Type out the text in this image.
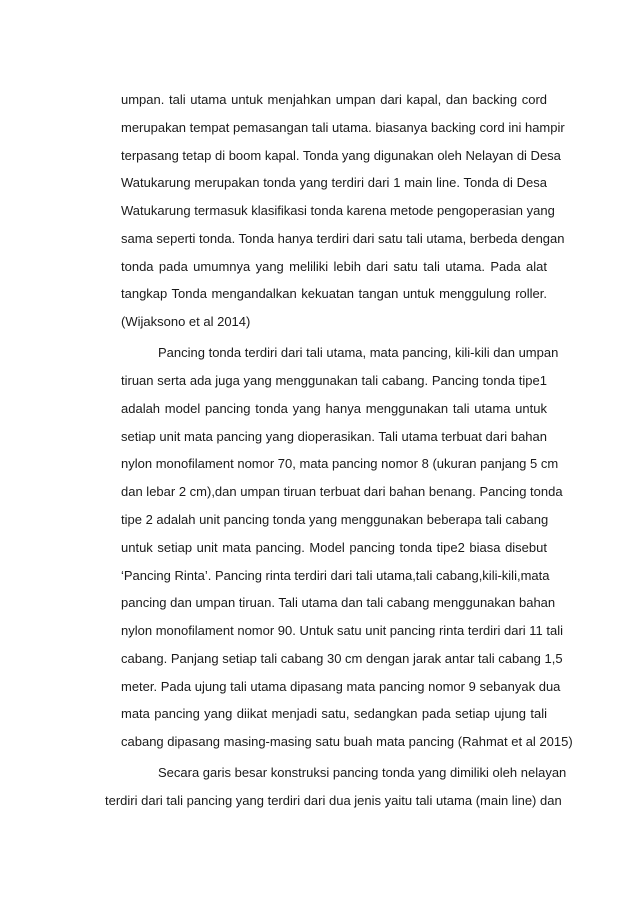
umpan. tali utama untuk menjahkan umpan dari kapal, dan backing cord
merupakan tempat pemasangan tali utama. biasanya backing cord ini hampir
terpasang tetap di boom kapal. Tonda yang digunakan oleh Nelayan di Desa
Watukarung merupakan tonda yang terdiri dari 1 main line. Tonda di Desa
Watukarung termasuk klasifikasi tonda karena metode pengoperasian yang
sama seperti tonda. Tonda hanya terdiri dari satu tali utama, berbeda dengan
tonda pada umumnya yang meliliki lebih dari satu tali utama. Pada alat
tangkap Tonda mengandalkan kekuatan tangan untuk menggulung roller.
(Wijaksono et al 2014)
Pancing tonda terdiri dari tali utama, mata pancing, kili-kili dan umpan
tiruan serta ada juga yang menggunakan tali cabang. Pancing tonda tipe1
adalah model pancing tonda yang hanya menggunakan tali utama untuk
setiap unit mata pancing yang dioperasikan. Tali utama terbuat dari bahan
nylon monofilament nomor 70, mata pancing nomor 8 (ukuran panjang 5 cm
dan lebar 2 cm),dan umpan tiruan terbuat dari bahan benang. Pancing tonda
tipe 2 adalah unit pancing tonda yang menggunakan beberapa tali cabang
untuk setiap unit mata pancing. Model pancing tonda tipe2 biasa disebut
‘Pancing Rinta’. Pancing rinta terdiri dari tali utama,tali cabang,kili-kili,mata
pancing dan umpan tiruan. Tali utama dan tali cabang menggunakan bahan
nylon monofilament nomor 90. Untuk satu unit pancing rinta terdiri dari 11 tali
cabang. Panjang setiap tali cabang 30 cm dengan jarak antar tali cabang 1,5
meter. Pada ujung tali utama dipasang mata pancing nomor 9 sebanyak dua
mata pancing yang diikat menjadi satu, sedangkan pada setiap ujung tali
cabang dipasang masing-masing satu buah mata pancing (Rahmat et al 2015)
Secara garis besar konstruksi pancing tonda yang dimiliki oleh nelayan
terdiri dari tali pancing yang terdiri dari dua jenis yaitu tali utama (main line) dan
